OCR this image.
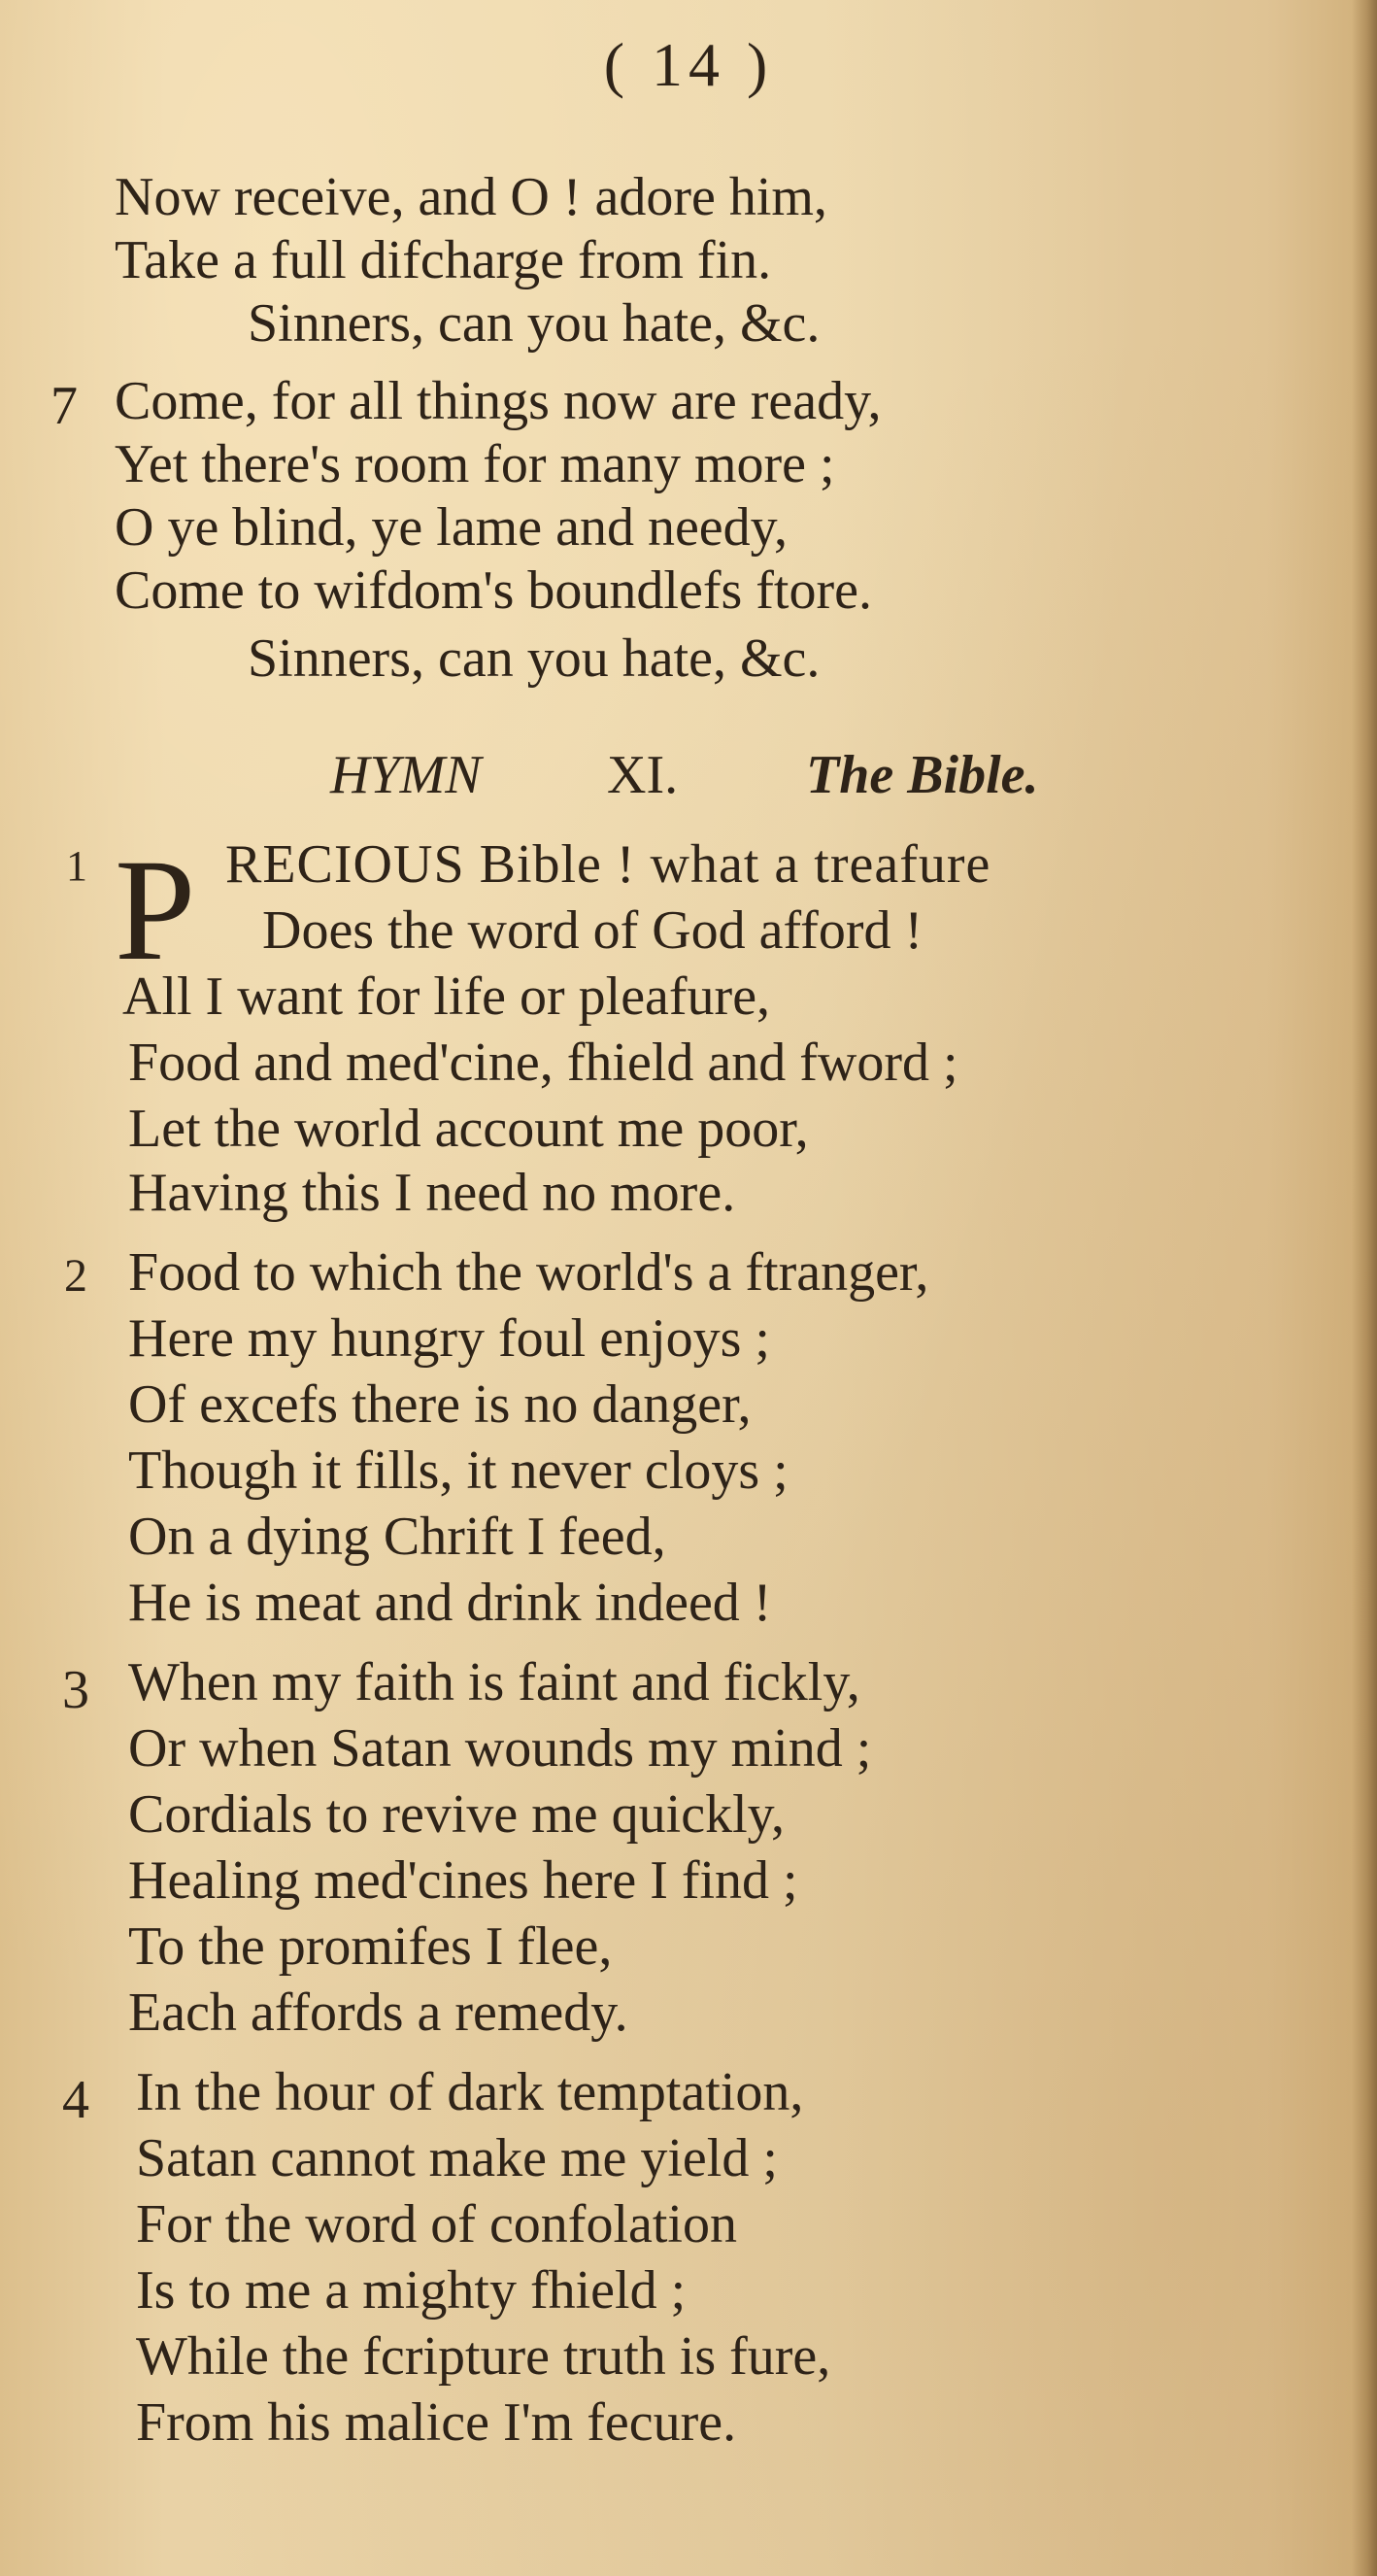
( 14 )
Now receive, and O ! adore him,
Take a full difcharge from fin.
Sinners, can you hate, &c.
7 Come, for all things now are ready,
Yet there's room for many more ;
O ye blind, ye lame and needy,
Come to wifdom's boundlefs ftore.
Sinners, can you hate, &c.
HYMN XI. The Bible.
1 P RECIOUS Bible ! what a treafure
Does the word of God afford !
All I want for life or pleafure,
Food and med'cine, fhield and fword ;
Let the world account me poor,
Having this I need no more.
2 Food to which the world's a ftranger,
Here my hungry foul enjoys ;
Of excefs there is no danger,
Though it fills, it never cloys ;
On a dying Chrift I feed,
He is meat and drink indeed !
3 When my faith is faint and fickly,
Or when Satan wounds my mind ;
Cordials to revive me quickly,
Healing med'cines here I find ;
To the promifes I flee,
Each affords a remedy.
4 In the hour of dark temptation,
Satan cannot make me yield ;
For the word of confolation
Is to me a mighty fhield ;
While the fcripture truth is fure,
From his malice I'm fecure.
